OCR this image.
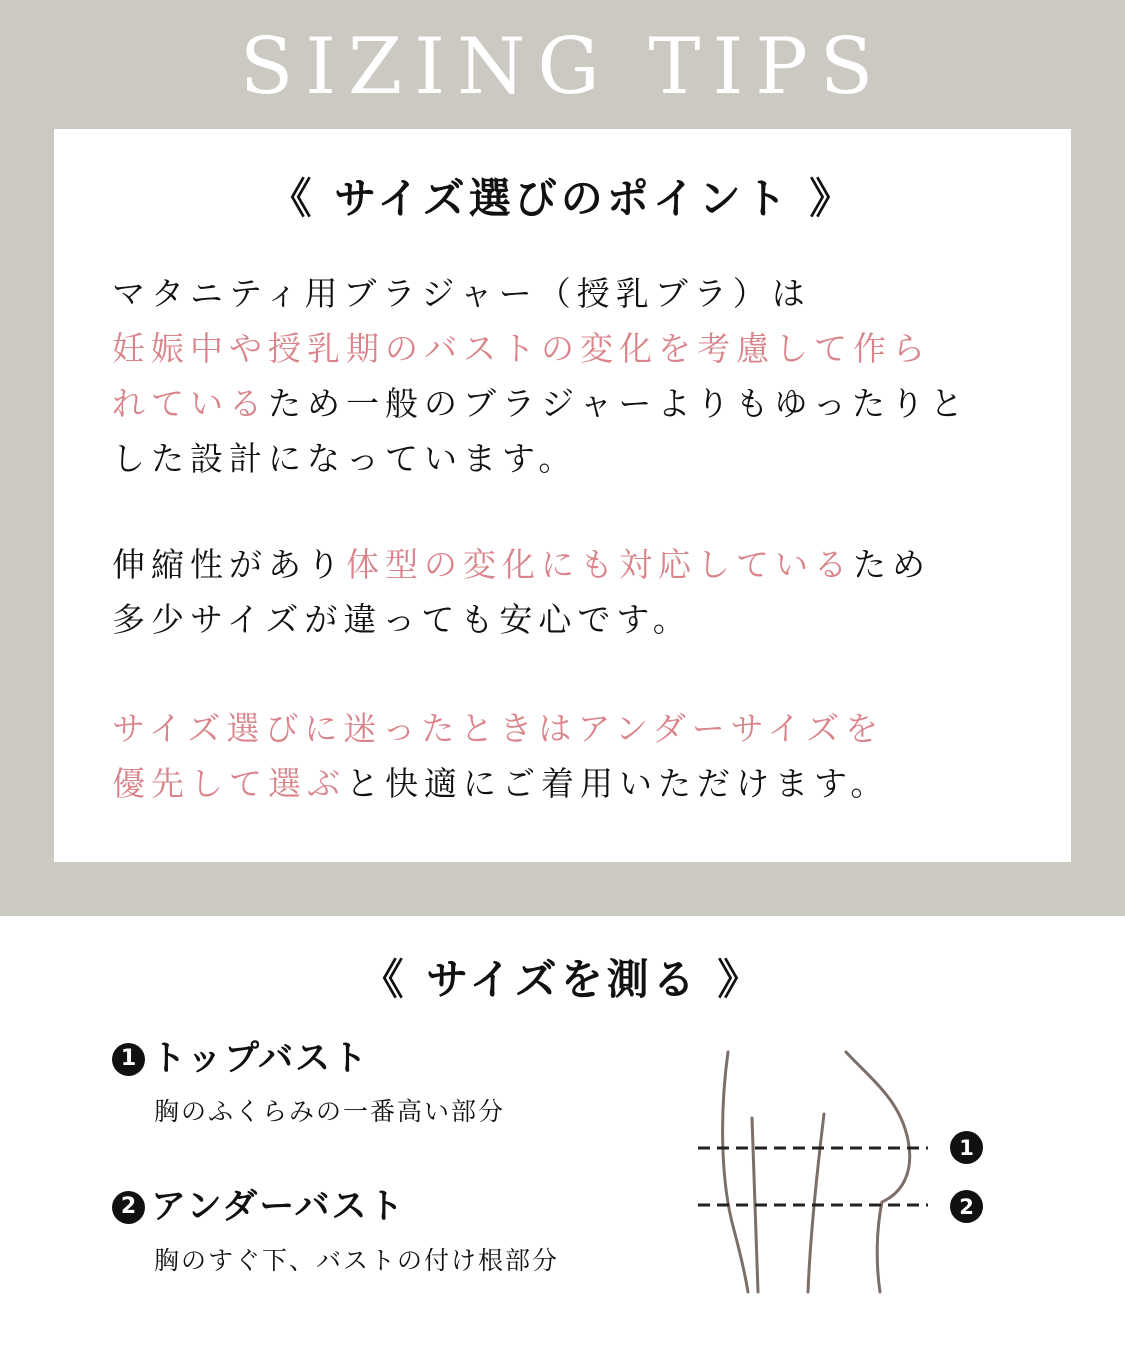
SIZING TIPS
《 サイズ選びのポイント 》
マタニティ用ブラジャー（授乳ブラ）は
妊娠中や授乳期のバストの変化を考慮して作ら
れているため一般のブラジャーよりもゆったりと
した設計になっています。
伸縮性があり体型の変化にも対応しているため
多少サイズが違っても安心です。
サイズ選びに迷ったときはアンダーサイズを
優先して選ぶと快適にご着用いただけます。
《 サイズを測る 》
1 トップバスト
胸のふくらみの一番高い部分
2 アンダーバスト
胸のすぐ下、バストの付け根部分
1
2
